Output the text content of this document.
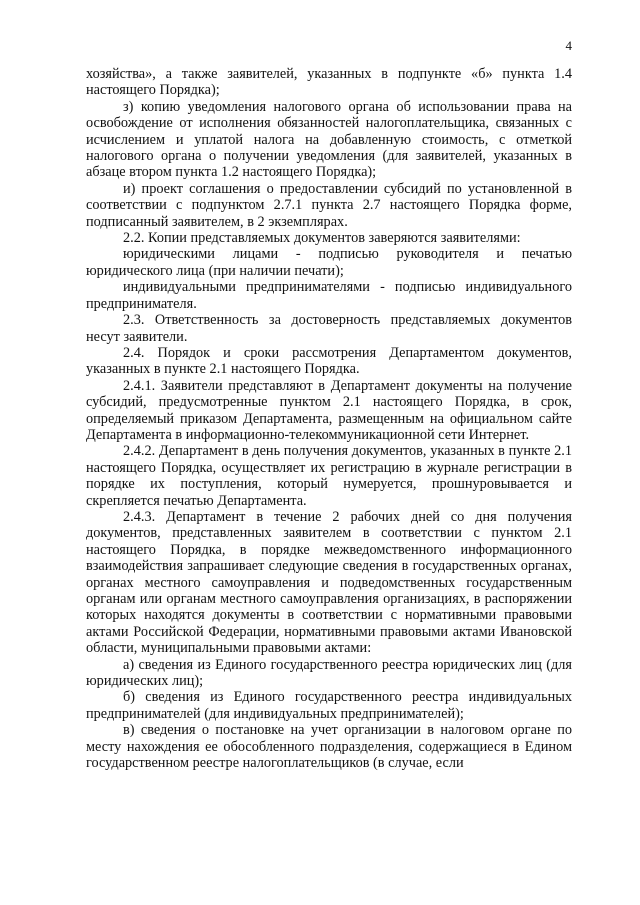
4

хозяйства», а также заявителей, указанных в подпункте «б» пункта 1.4 настоящего Порядка);

з) копию уведомления налогового органа об использовании права на освобождение от исполнения обязанностей налогоплательщика, связанных с исчислением и уплатой налога на добавленную стоимость, с отметкой налогового органа о получении уведомления (для заявителей, указанных в абзаце втором пункта 1.2 настоящего Порядка);

и) проект соглашения о предоставлении субсидий по установленной в соответствии с подпунктом 2.7.1 пункта 2.7 настоящего Порядка форме, подписанный заявителем, в 2 экземплярах.

2.2. Копии представляемых документов заверяются заявителями:

юридическими лицами - подписью руководителя и печатью юридического лица (при наличии печати);

индивидуальными предпринимателями - подписью индивидуального предпринимателя.

2.3. Ответственность за достоверность представляемых документов несут заявители.

2.4. Порядок и сроки рассмотрения Департаментом документов, указанных в пункте 2.1 настоящего Порядка.

2.4.1. Заявители представляют в Департамент документы на получение субсидий, предусмотренные пунктом 2.1 настоящего Порядка, в срок, определяемый приказом Департамента, размещенным на официальном сайте Департамента в информационно-телекоммуникационной сети Интернет.

2.4.2. Департамент в день получения документов, указанных в пункте 2.1 настоящего Порядка, осуществляет их регистрацию в журнале регистрации в порядке их поступления, который нумеруется, прошнуровывается и скрепляется печатью Департамента.

2.4.3. Департамент в течение 2 рабочих дней со дня получения документов, представленных заявителем в соответствии с пунктом 2.1 настоящего Порядка, в порядке межведомственного информационного взаимодействия запрашивает следующие сведения в государственных органах, органах местного самоуправления и подведомственных государственным органам или органам местного самоуправления организациях, в распоряжении которых находятся документы в соответствии с нормативными правовыми актами Российской Федерации, нормативными правовыми актами Ивановской области, муниципальными правовыми актами:

а) сведения из Единого государственного реестра юридических лиц (для юридических лиц);

б) сведения из Единого государственного реестра индивидуальных предпринимателей (для индивидуальных предпринимателей);

в) сведения о постановке на учет организации в налоговом органе по месту нахождения ее обособленного подразделения, содержащиеся в Едином государственном реестре налогоплательщиков (в случае, если
